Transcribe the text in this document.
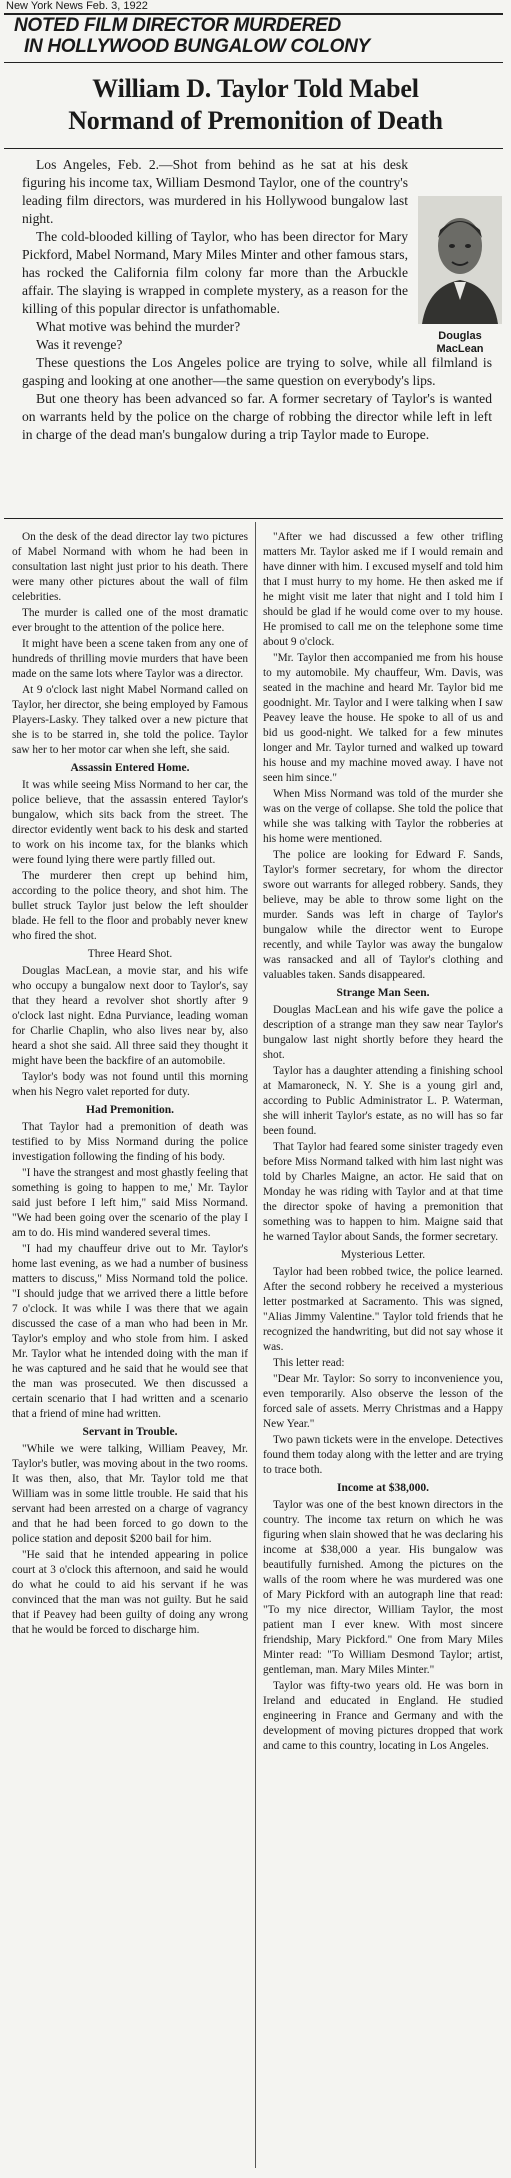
New York News Feb. 3, 1922
NOTED FILM DIRECTOR MURDERED
IN HOLLYWOOD BUNGALOW COLONY
William D. Taylor Told Mabel
Normand of Premonition of Death

Los Angeles, Feb. 2.—Shot from behind as he sat at his desk figuring his income tax, William Desmond Taylor, one of the country's leading film directors, was murdered in his Hollywood bungalow last night.

The cold-blooded killing of Taylor, who has been director for Mary Pickford, Mabel Normand, Mary Miles Minter and other famous stars, has rocked the California film colony far more than the Arbuckle affair. The slaying is wrapped in complete mystery, as a reason for the killing of this popular director is unfathomable.

What motive was behind the murder?

Was it revenge?

These questions the Los Angeles police are trying to solve, while all filmland is gasping and looking at one another—the same question on everybody's lips.

But one theory has been advanced so far. A former secretary of Taylor's is wanted on warrants held by the police on the charge of robbing the director while left in left in charge of the dead man's bungalow during a trip Taylor made to Europe.

Douglas
MacLean

On the desk of the dead director lay two pictures of Mabel Normand with whom he had been in consultation last night just prior to his death. There were many other pictures about the wall of film celebrities.

The murder is called one of the most dramatic ever brought to the attention of the police here.

It might have been a scene taken from any one of hundreds of thrilling movie murders that have been made on the same lots where Taylor was a director.

At 9 o'clock last night Mabel Normand called on Taylor, her director, she being employed by Famous Players-Lasky. They talked over a new picture that she is to be starred in, she told the police. Taylor saw her to her motor car when she left, she said.

Assassin Entered Home.

It was while seeing Miss Normand to her car, the police believe, that the assassin entered Taylor's bungalow, which sits back from the street. The director evidently went back to his desk and started to work on his income tax, for the blanks which were found lying there were partly filled out.

The murderer then crept up behind him, according to the police theory, and shot him. The bullet struck Taylor just below the left shoulder blade. He fell to the floor and probably never knew who fired the shot.

Three Heard Shot.

Douglas MacLean, a movie star, and his wife who occupy a bungalow next door to Taylor's, say that they heard a revolver shot shortly after 9 o'clock last night. Edna Purviance, leading woman for Charlie Chaplin, who also lives near by, also heard a shot she said. All three said they thought it might have been the backfire of an automobile.

Taylor's body was not found until this morning when his Negro valet reported for duty.

Had Premonition.

That Taylor had a premonition of death was testified to by Miss Normand during the police investigation following the finding of his body.

"I have the strangest and most ghastly feeling that something is going to happen to me,' Mr. Taylor said just before I left him," said Miss Normand. "We had been going over the scenario of the play I am to do. His mind wandered several times.

"I had my chauffeur drive out to Mr. Taylor's home last evening, as we had a number of business matters to discuss," Miss Normand told the police. "I should judge that we arrived there a little before 7 o'clock. It was while I was there that we again discussed the case of a man who had been in Mr. Taylor's employ and who stole from him. I asked Mr. Taylor what he intended doing with the man if he was captured and he said that he would see that the man was prosecuted. We then discussed a certain scenario that I had written and a scenario that a friend of mine had written.

Servant in Trouble.

"While we were talking, William Peavey, Mr. Taylor's butler, was moving about in the two rooms. It was then, also, that Mr. Taylor told me that William was in some little trouble. He said that his servant had been arrested on a charge of vagrancy and that he had been forced to go down to the police station and deposit $200 bail for him.

"He said that he intended appearing in police court at 3 o'clock this afternoon, and said he would do what he could to aid his servant if he was convinced that the man was not guilty. But he said that if Peavey had been guilty of doing any wrong that he would be forced to discharge him.

"After we had discussed a few other trifling matters Mr. Taylor asked me if I would remain and have dinner with him. I excused myself and told him that I must hurry to my home. He then asked me if he might visit me later that night and I told him I should be glad if he would come over to my house. He promised to call me on the telephone some time about 9 o'clock.

"Mr. Taylor then accompanied me from his house to my automobile. My chauffeur, Wm. Davis, was seated in the machine and heard Mr. Taylor bid me goodnight. Mr. Taylor and I were talking when I saw Peavey leave the house. He spoke to all of us and bid us good-night. We talked for a few minutes longer and Mr. Taylor turned and walked up toward his house and my machine moved away. I have not seen him since."

When Miss Normand was told of the murder she was on the verge of collapse. She told the police that while she was talking with Taylor the robberies at his home were mentioned.

The police are looking for Edward F. Sands, Taylor's former secretary, for whom the director swore out warrants for alleged robbery. Sands, they believe, may be able to throw some light on the murder. Sands was left in charge of Taylor's bungalow while the director went to Europe recently, and while Taylor was away the bungalow was ransacked and all of Taylor's clothing and valuables taken. Sands disappeared.

Strange Man Seen.

Douglas MacLean and his wife gave the police a description of a strange man they saw near Taylor's bungalow last night shortly before they heard the shot.

Taylor has a daughter attending a finishing school at Mamaroneck, N. Y. She is a young girl and, according to Public Administrator L. P. Waterman, she will inherit Taylor's estate, as no will has so far been found.

That Taylor had feared some sinister tragedy even before Miss Normand talked with him last night was told by Charles Maigne, an actor. He said that on Monday he was riding with Taylor and at that time the director spoke of having a premonition that something was to happen to him. Maigne said that he warned Taylor about Sands, the former secretary.

Mysterious Letter.

Taylor had been robbed twice, the police learned. After the second robbery he received a mysterious letter postmarked at Sacramento. This was signed, "Alias Jimmy Valentine." Taylor told friends that he recognized the handwriting, but did not say whose it was.

This letter read:

"Dear Mr. Taylor: So sorry to inconvenience you, even temporarily. Also observe the lesson of the forced sale of assets. Merry Christmas and a Happy New Year."

Two pawn tickets were in the envelope. Detectives found them today along with the letter and are trying to trace both.

Income at $38,000.

Taylor was one of the best known directors in the country. The income tax return on which he was figuring when slain showed that he was declaring his income at $38,000 a year. His bungalow was beautifully furnished. Among the pictures on the walls of the room where he was murdered was one of Mary Pickford with an autograph line that read: "To my nice director, William Taylor, the most patient man I ever knew. With most sincere friendship, Mary Pickford." One from Mary Miles Minter read: "To William Desmond Taylor; artist, gentleman, man. Mary Miles Minter."

Taylor was fifty-two years old. He was born in Ireland and educated in England. He studied engineering in France and Germany and with the development of moving pictures dropped that work and came to this country, locating in Los Angeles.
